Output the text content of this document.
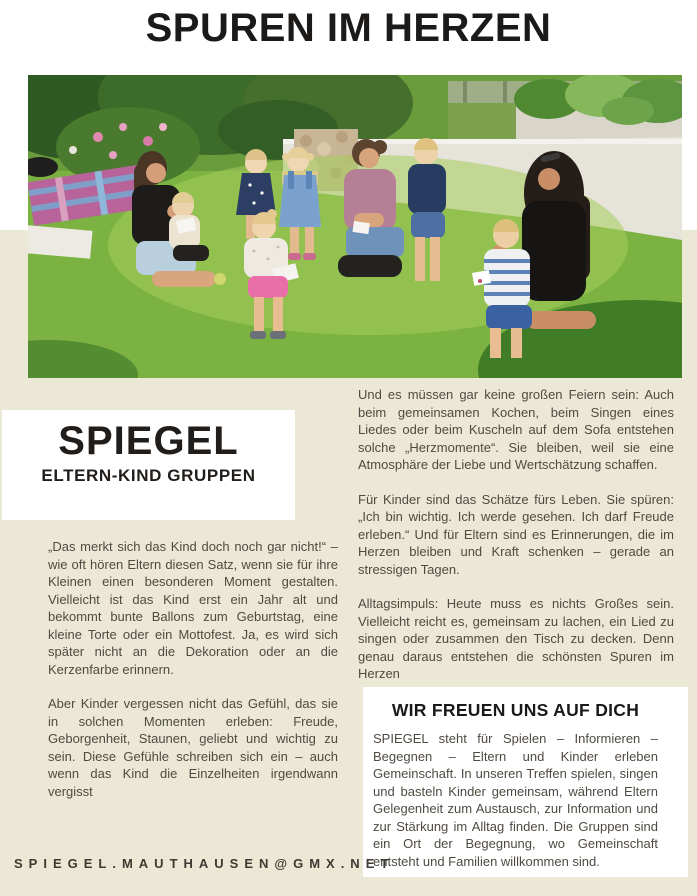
SPUREN IM HERZEN
SPIEGEL
ELTERN-KIND GRUPPEN

„Das merkt sich das Kind doch noch gar nicht!“ – wie oft hören Eltern diesen Satz, wenn sie für ihre Kleinen einen besonderen Moment gestalten. Vielleicht ist das Kind erst ein Jahr alt und bekommt bunte Ballons zum Geburtstag, eine kleine Torte oder ein Mottofest. Ja, es wird sich später nicht an die Dekoration oder an die Kerzenfarbe erinnern.

Aber Kinder vergessen nicht das Gefühl, das sie in solchen Momenten erleben: Freude, Geborgenheit, Staunen, geliebt und wichtig zu sein. Diese Gefühle schreiben sich ein – auch wenn das Kind die Einzelheiten irgendwann vergisst

Und es müssen gar keine großen Feiern sein: Auch beim gemeinsamen Kochen, beim Singen eines Liedes oder beim Kuscheln auf dem Sofa entstehen solche „Herzmomente“. Sie bleiben, weil sie eine Atmosphäre der Liebe und Wertschätzung schaffen.

Für Kinder sind das Schätze fürs Leben. Sie spüren: „Ich bin wichtig. Ich werde gesehen. Ich darf Freude erleben.“ Und für Eltern sind es Erinnerungen, die im Herzen bleiben und Kraft schenken – gerade an stressigen Tagen.

Alltagsimpuls: Heute muss es nichts Großes sein. Vielleicht reicht es, gemeinsam zu lachen, ein Lied zu singen oder zusammen den Tisch zu decken. Denn genau daraus entstehen die schönsten Spuren im Herzen

WIR FREUEN UNS AUF DICH

SPIEGEL steht für Spielen – Informieren – Begegnen – Eltern und Kinder erleben Gemeinschaft. In unseren Treffen spielen, singen und basteln Kinder gemeinsam, während Eltern Gelegenheit zum Austausch, zur Information und zur Stärkung im Alltag finden. Die Gruppen sind ein Ort der Begegnung, wo Gemeinschaft entsteht und Familien willkommen sind.

SPIEGEL.MAUTHAUSEN@GMX.NET
